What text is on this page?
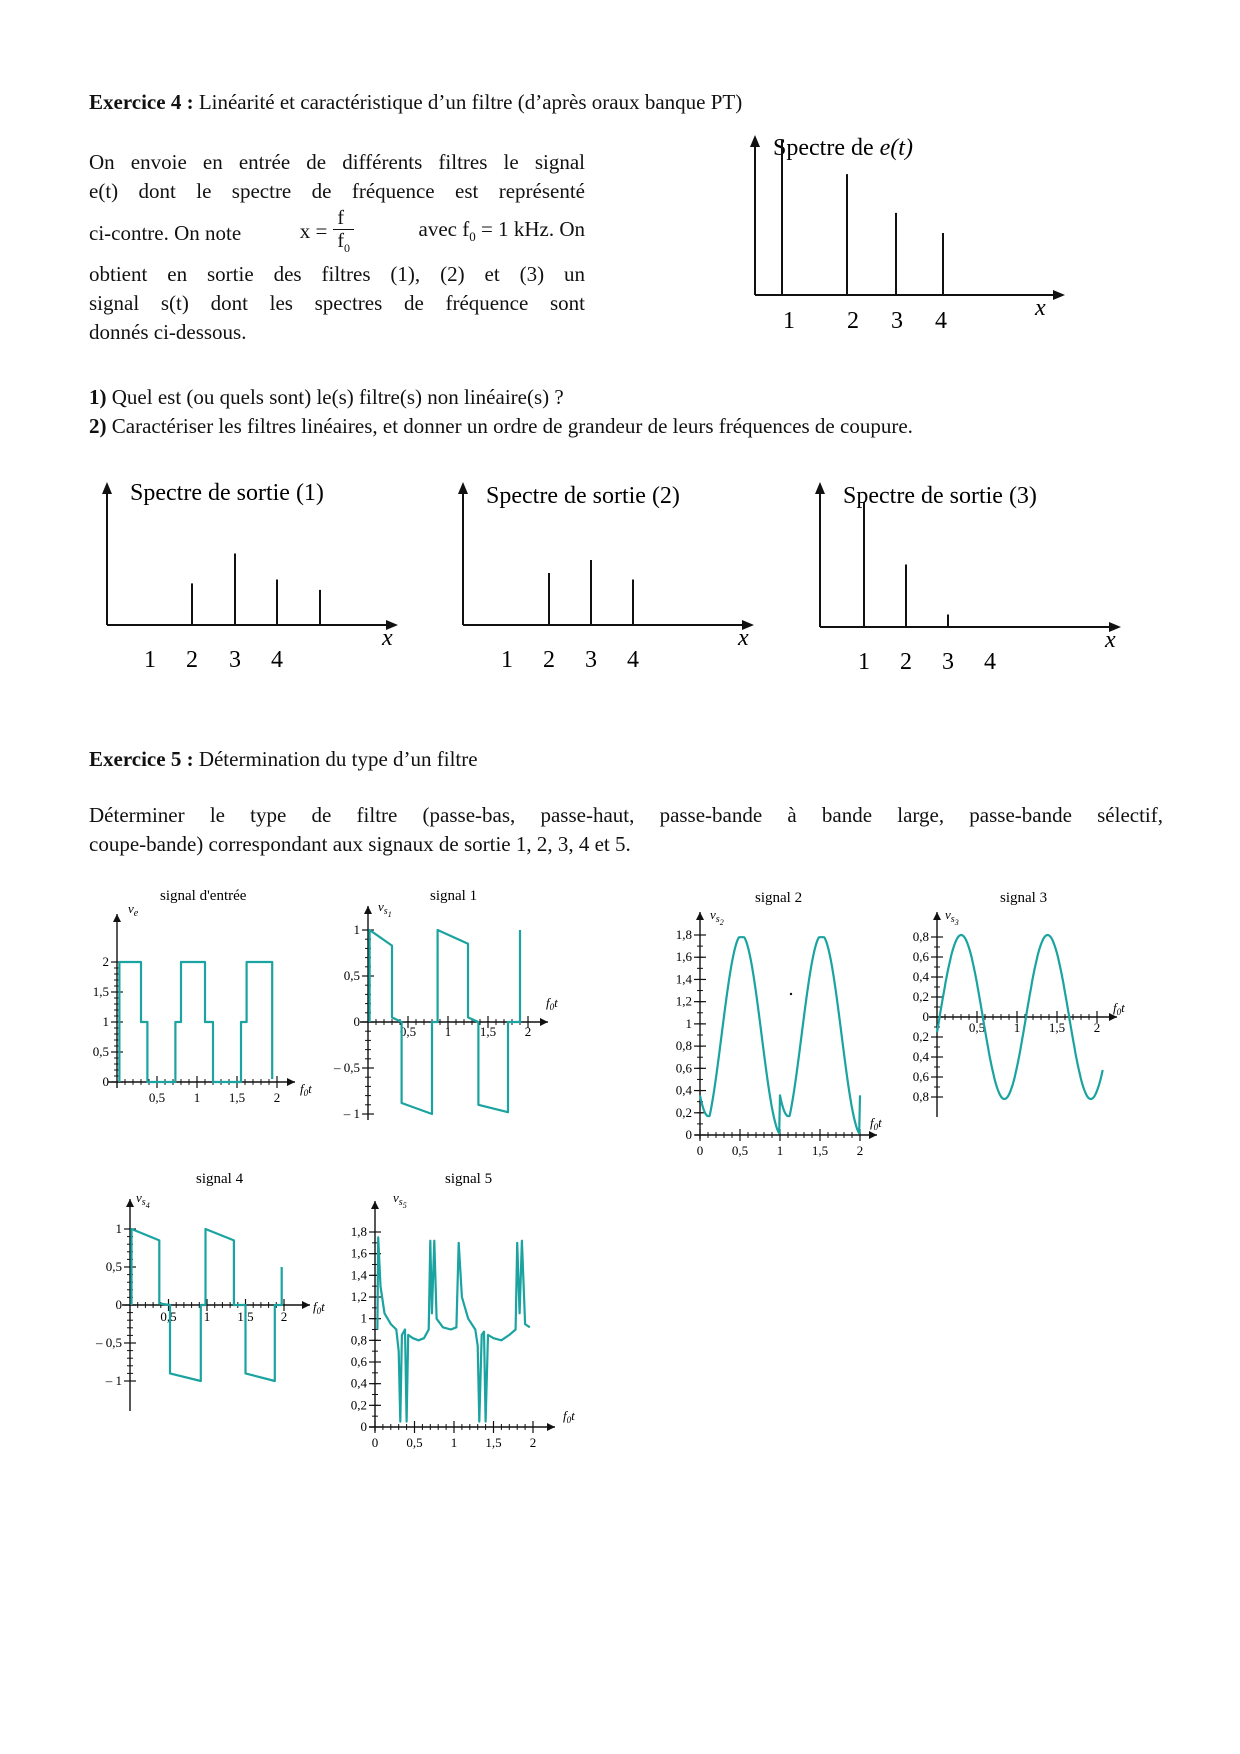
Exercice 4 : Linéarité et caractéristique d’un filtre (d’après oraux banque PT)
On envoie en entrée de différents filtres le signal
e(t) dont le spectre de fréquence est représenté
ci-contre. On note	$x = \frac{f}{f_0}$	avec $f_0 = 1$ kHz. On
obtient en sortie des filtres (1), (2) et (3) un
signal s(t) dont les spectres de fréquence sont
donnés ci-dessous.
Spectre de e(t)
x
1 2 3 4
1) Quel est (ou quels sont) le(s) filtre(s) non linéaire(s) ?
2) Caractériser les filtres linéaires, et donner un ordre de grandeur de leurs fréquences de coupure.
Spectre de sortie (1)
x
1 2 3 4
Spectre de sortie (2)
x
1 2 3 4
Spectre de sortie (3)
x
1 2 3 4
Exercice 5 : Détermination du type d’un filtre
Déterminer le type de filtre (passe-bas, passe-haut, passe-bande à bande large, passe-bande sélectif,
coupe-bande) correspondant aux signaux de sortie 1, 2, 3, 4 et 5.
signal d'entrée
$v_e$
$f_0t$
2
1,5
1
0,5
0
0,5 1 1,5 2
signal 1
$v_{s1}$
$f_0t$
1
0,5
0
– 0,5
– 1
0,5 1 1,5 2
signal 2
$v_{s2}$
$f_0t$
1,8
1,6
1,4
1,2
1
0,8
0,6
0,4
0,2
0
0 0,5 1 1,5 2
signal 3
$v_{s3}$
$f_0t$
0,8
0,6
0,4
0,2
0
0,2
0,4
0,6
0,8
0,5 1 1,5 2
signal 4
$v_{s4}$
$f_0t$
1
0,5
0
– 0,5
– 1
0,5 1 1,5 2
signal 5
$v_{s5}$
$f_0t$
1,8
1,6
1,4
1,2
1
0,8
0,6
0,4
0,2
0
0 0,5 1 1,5 2
